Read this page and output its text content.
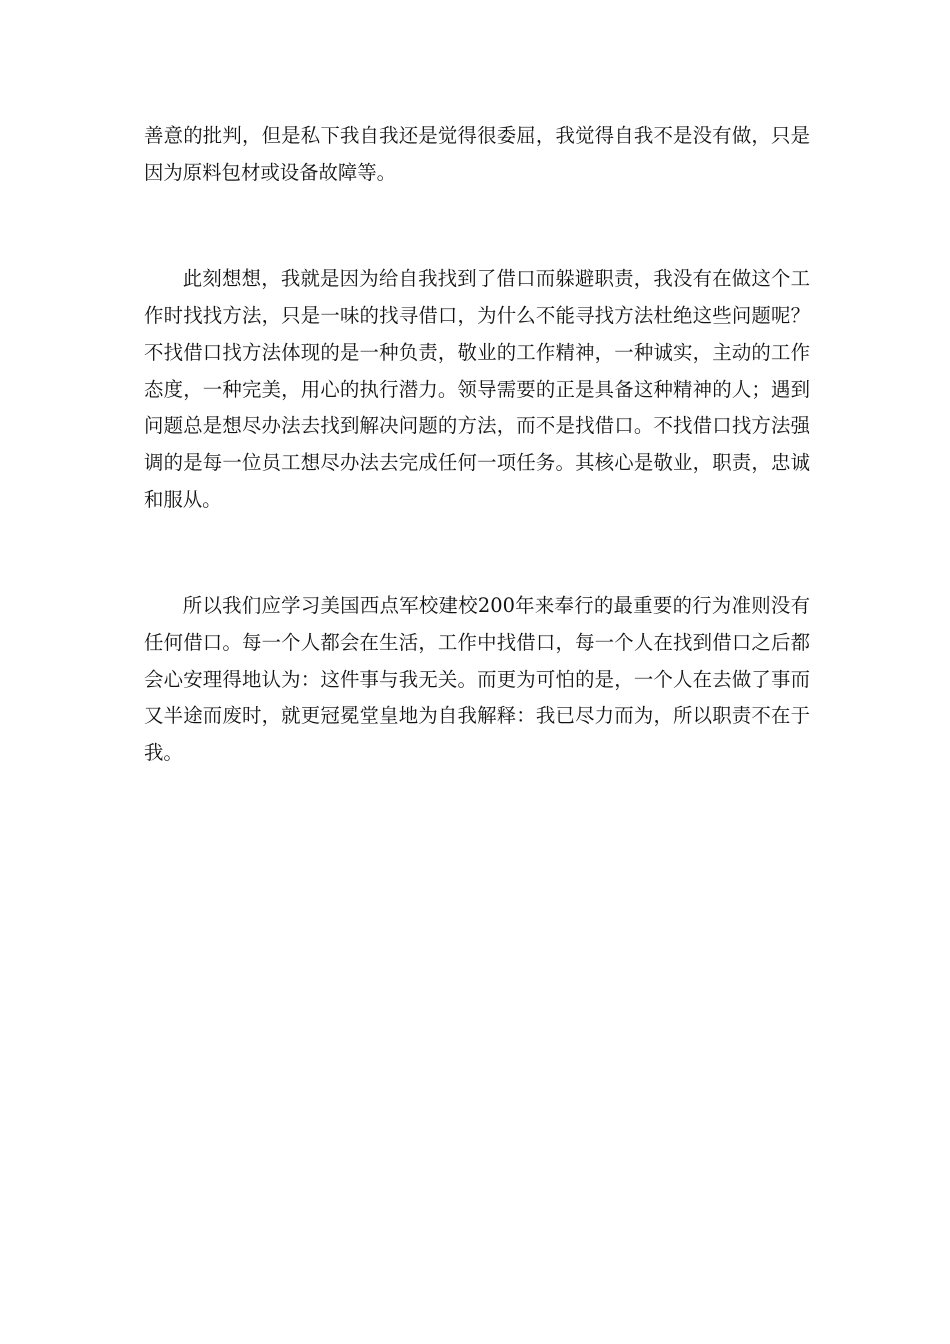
善意的批判，但是私下我自我还是觉得很委屈，我觉得自我不是没有做，只是因为原料包材或设备故障等。

此刻想想，我就是因为给自我找到了借口而躲避职责，我没有在做这个工作时找找方法，只是一味的找寻借口，为什么不能寻找方法杜绝这些问题呢？不找借口找方法体现的是一种负责，敬业的工作精神，一种诚实，主动的工作态度，一种完美，用心的执行潜力。领导需要的正是具备这种精神的人；遇到问题总是想尽办法去找到解决问题的方法，而不是找借口。不找借口找方法强调的是每一位员工想尽办法去完成任何一项任务。其核心是敬业，职责，忠诚和服从。

所以我们应学习美国西点军校建校200年来奉行的最重要的行为准则没有任何借口。每一个人都会在生活，工作中找借口，每一个人在找到借口之后都会心安理得地认为：这件事与我无关。而更为可怕的是，一个人在去做了事而又半途而废时，就更冠冕堂皇地为自我解释：我已尽力而为，所以职责不在于我。
